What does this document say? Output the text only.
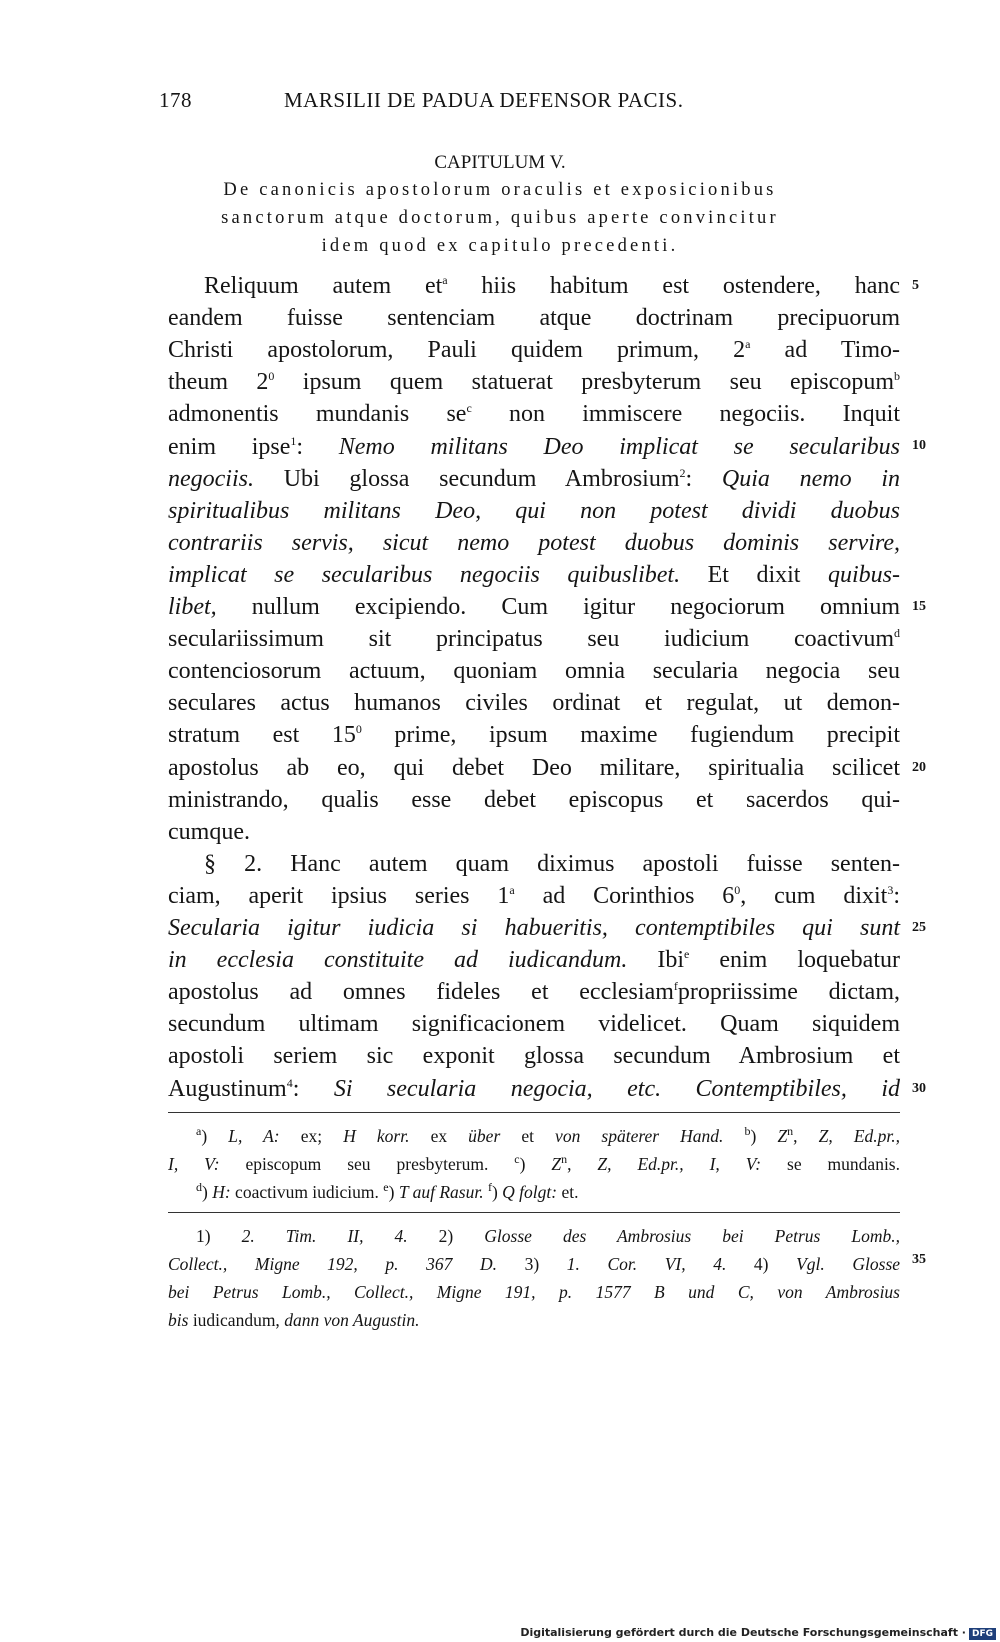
178	MARSILII DE PADUA DEFENSOR PACIS.
CAPITULUM V.
De canonicis apostolorum oraculis et exposicionibus
sanctorum atque doctorum, quibus aperte convincitur
idem quod ex capitulo precedenti.
Reliquum autem $et^a$ hiis habitum est ostendere, hanc
eandem fuisse sentenciam atque doctrinam precipuorum
Christi apostolorum, Pauli quidem primum, 2$^a$ ad Timo-
theum $2^0$ ipsum quem statuerat presbyterum seu episcopum$^b$
admonentis mundanis $se^c$ non immiscere negociis. Inquit
enim ipse$^1$: Nemo militans Deo implicat se secularibus
negociis. Ubi glossa secundum Ambrosium$^2$: Quia nemo in
spiritualibus militans Deo, qui non potest dividi duobus
contrariis servis, sicut nemo potest duobus dominis servire,
implicat se secularibus negociis quibuslibet. Et dixit quibus-
libet, nullum excipiendo. Cum igitur negociorum omnium
seculariissimum sit principatus seu iudicium coactivum$^d$
contenciosorum actuum, quoniam omnia secularia negocia seu
seculares actus humanos civiles ordinat et regulat, ut demon-
stratum est $15^0$ prime, ipsum maxime fugiendum precipit
apostolus ab eo, qui debet Deo militare, spiritualia scilicet
ministrando, qualis esse debet episcopus et sacerdos qui-
cumque.
§ 2. Hanc autem quam diximus apostoli fuisse senten-
ciam, aperit ipsius series 1$^a$ ad Corinthios $6^0$, cum dixit$^3$:
Secularia igitur iudicia si habueritis, contemptibiles qui sunt
in ecclesia constituite ad iudicandum. Ibi$^e$ enim loquebatur
apostolus ad omnes fideles et ecclesiam$^f$propriissime dictam,
secundum ultimam significacionem videlicet. Quam siquidem
apostoli seriem sic exponit glossa secundum Ambrosium et
Augustinum$^4$: Si secularia negocia, etc. Contemptibiles, id
5
10
15
20
25
30
35
$^a$) L, A: ex; H korr. ex über et von späterer Hand. $^b$) $Z^n$, Z, Ed.pr.,
I, V: episcopum seu presbyterum. $^c$) $Z^n$, Z, Ed.pr., I, V: se mundanis.
$^d$) H: coactivum iudicium. $^e$) T auf Rasur. $^f$) Q folgt: et.
1) 2. Tim. II, 4. 2) Glosse des Ambrosius bei Petrus Lomb.,
Collect., Migne 192, p. 367 D. 3) 1. Cor. VI, 4. 4) Vgl. Glosse
bei Petrus Lomb., Collect., Migne 191, p. 1577 B und C, von Ambrosius
bis iudicandum, dann von Augustin.
Digitalisierung gefördert durch die Deutsche Forschungsgemeinschaft · DFG
